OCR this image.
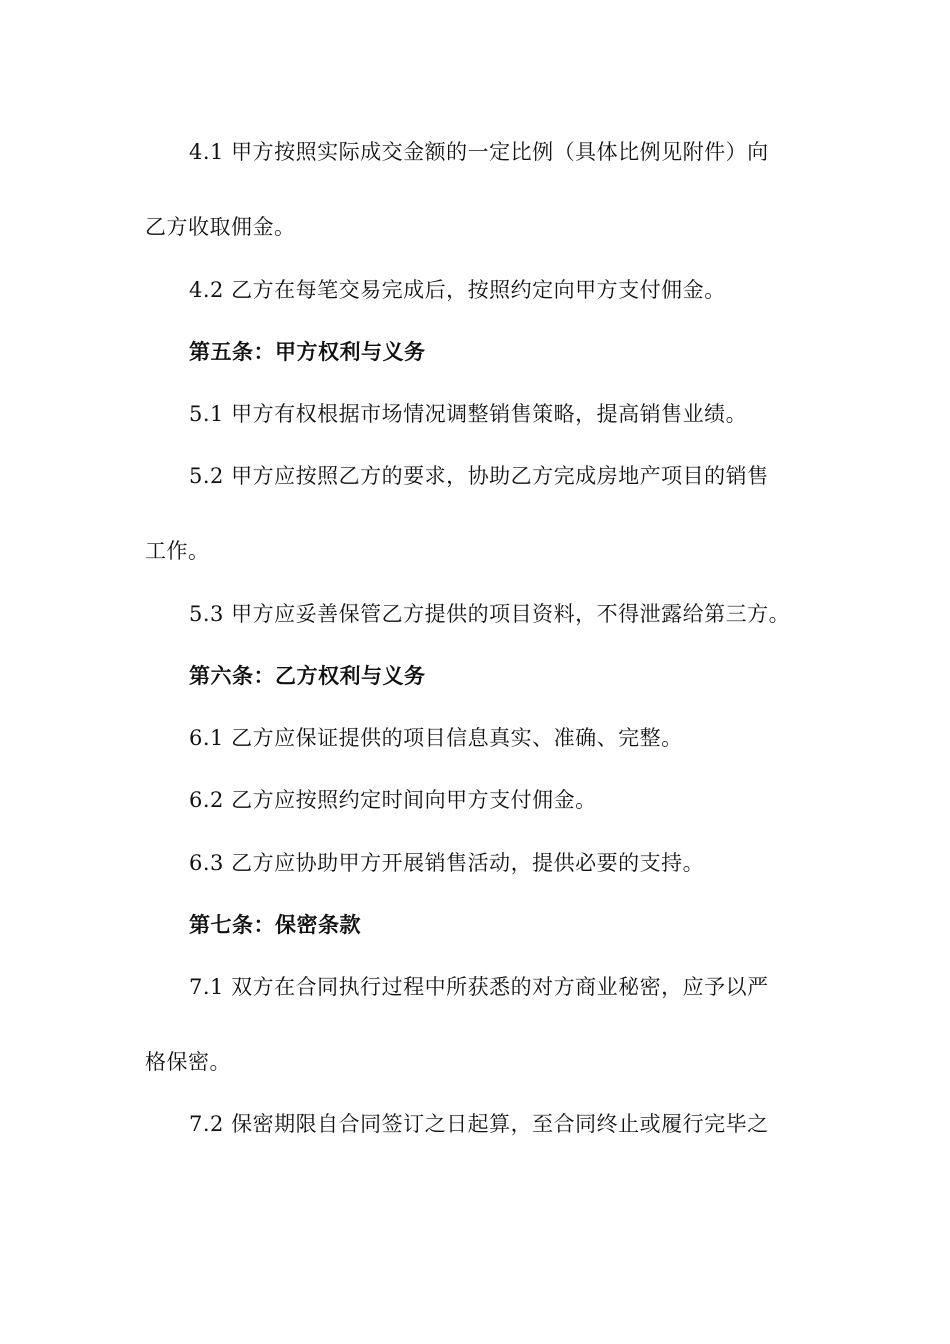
4.1 甲方按照实际成交金额的一定比例（具体比例见附件）向
乙方收取佣金。
4.2 乙方在每笔交易完成后，按照约定向甲方支付佣金。
第五条：甲方权利与义务
5.1 甲方有权根据市场情况调整销售策略，提高销售业绩。
5.2 甲方应按照乙方的要求，协助乙方完成房地产项目的销售
工作。
5.3 甲方应妥善保管乙方提供的项目资料，不得泄露给第三方。
第六条：乙方权利与义务
6.1 乙方应保证提供的项目信息真实、准确、完整。
6.2 乙方应按照约定时间向甲方支付佣金。
6.3 乙方应协助甲方开展销售活动，提供必要的支持。
第七条：保密条款
7.1 双方在合同执行过程中所获悉的对方商业秘密，应予以严
格保密。
7.2 保密期限自合同签订之日起算，至合同终止或履行完毕之
